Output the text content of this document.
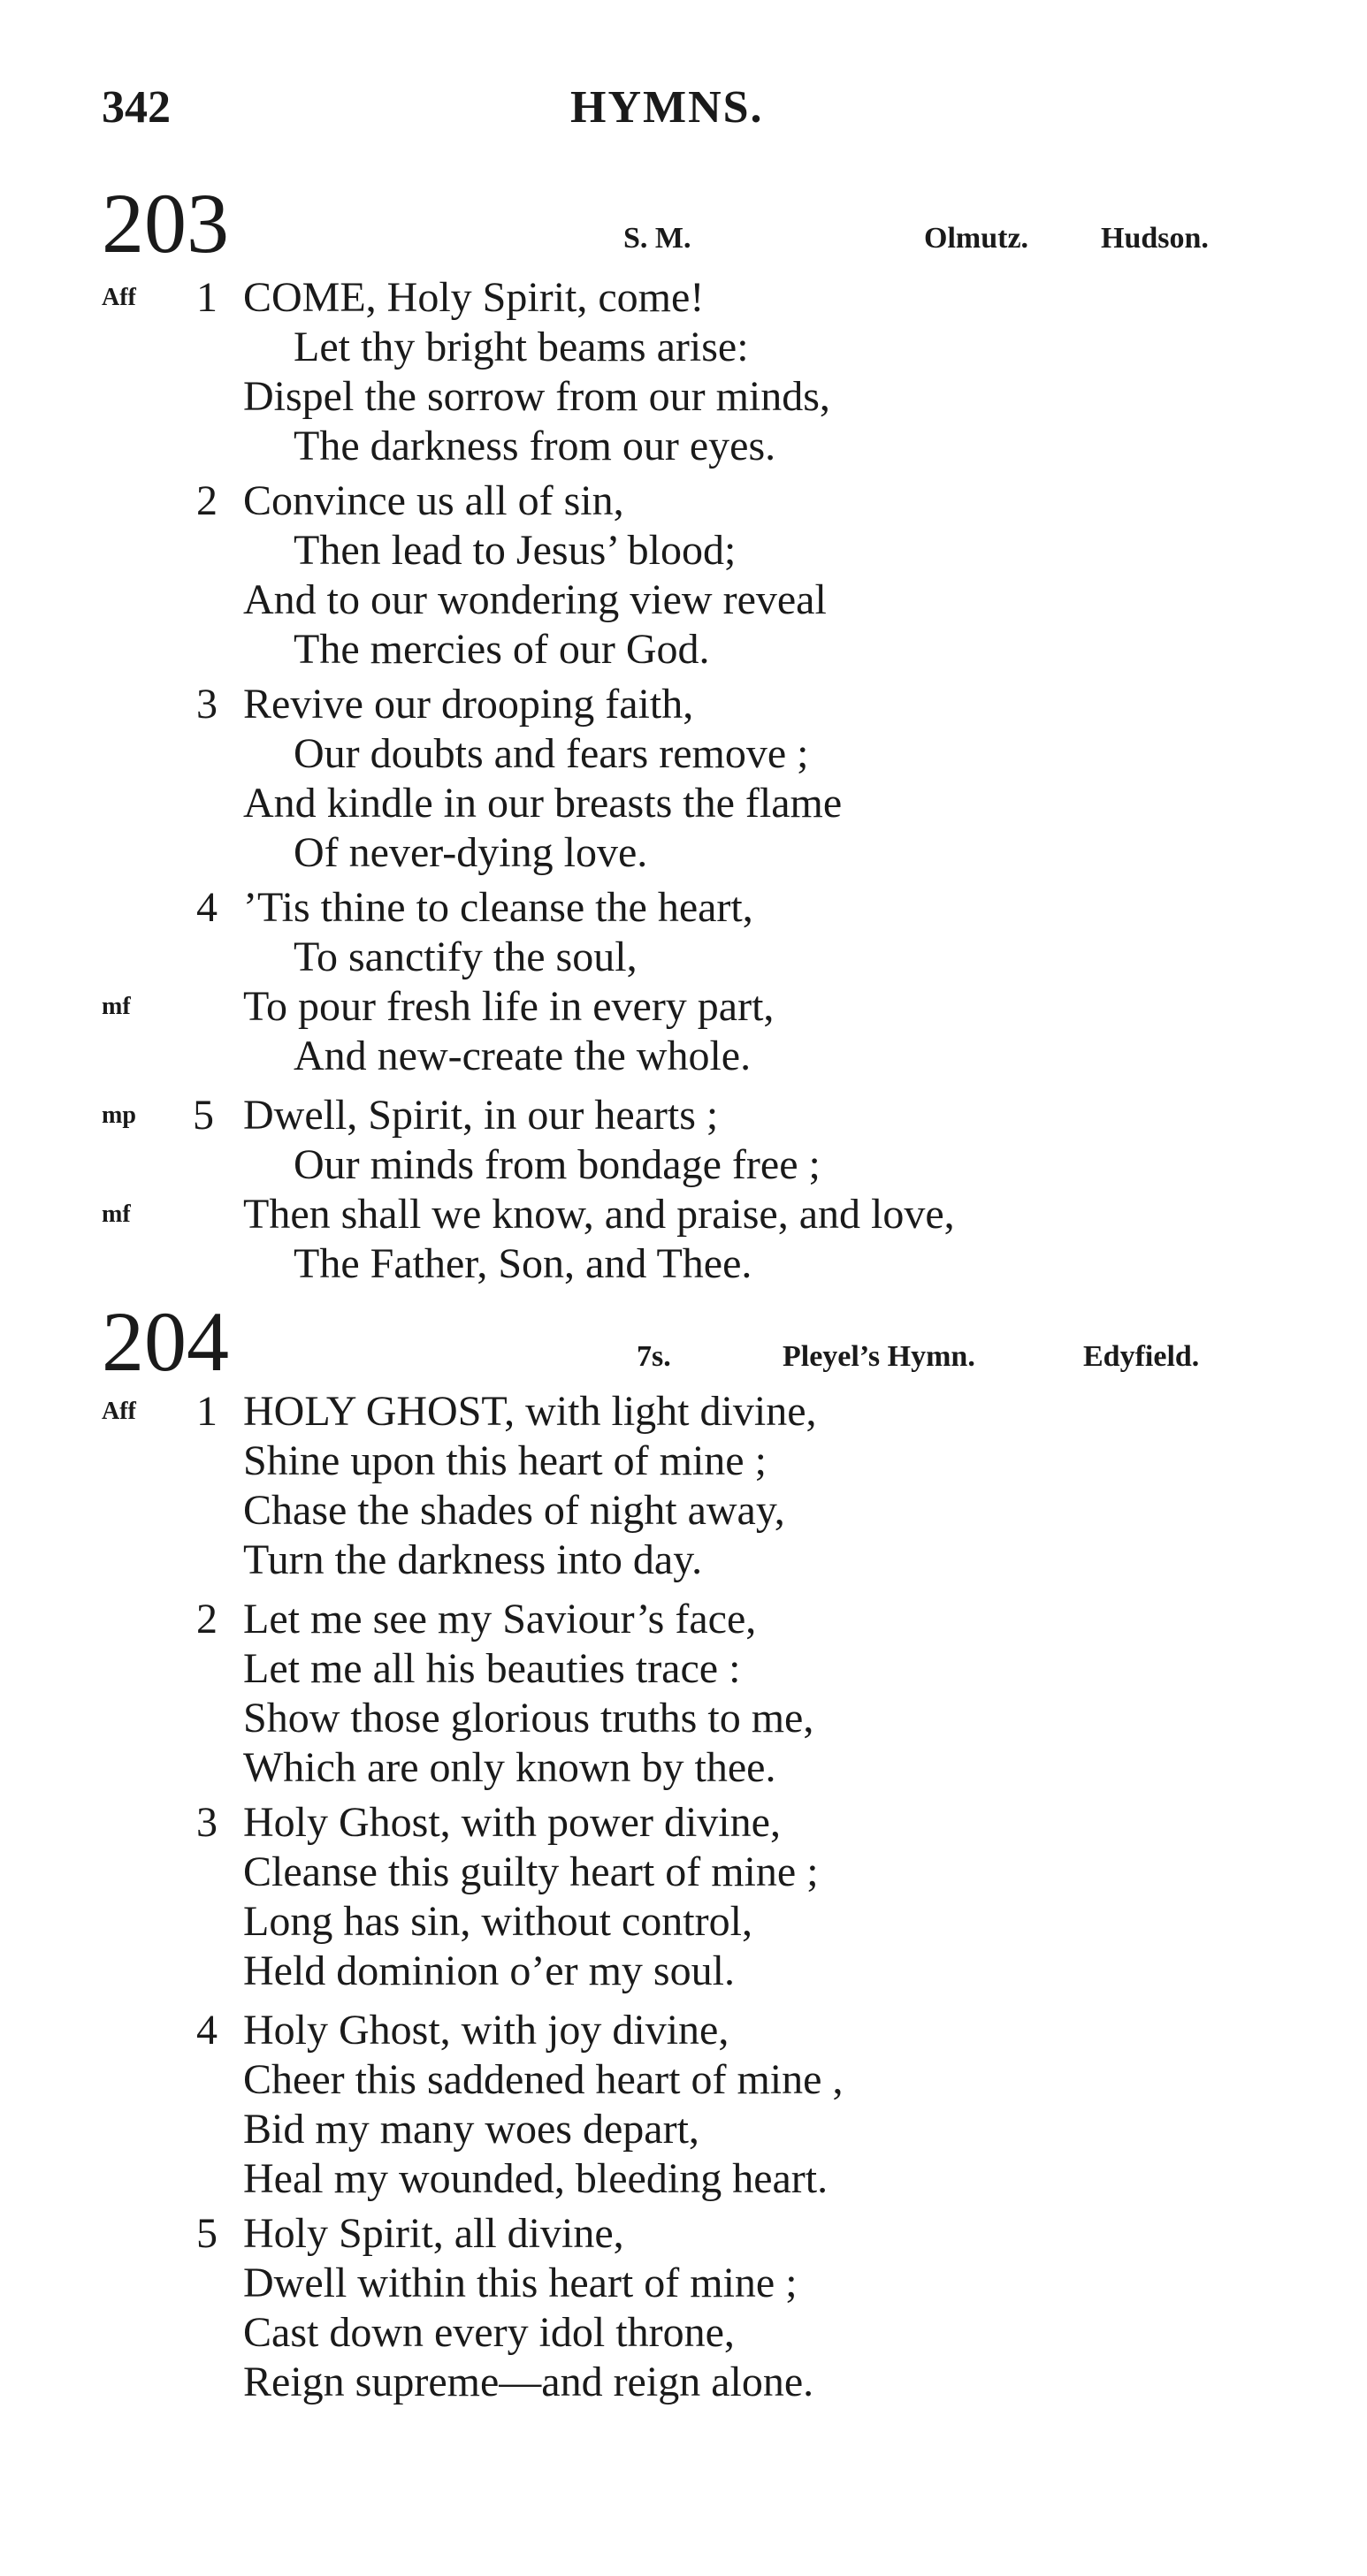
342	HYMNS.
203	S. M.	Olmutz. Hudson.
Aff 1 COME, Holy Spirit, come!
Let thy bright beams arise:
Dispel the sorrow from our minds,
The darkness from our eyes.
2 Convince us all of sin,
Then lead to Jesus’ blood;
And to our wondering view reveal
The mercies of our God.
3 Revive our drooping faith,
Our doubts and fears remove ;
And kindle in our breasts the flame
Of never-dying love.
4 ’Tis thine to cleanse the heart,
To sanctify the soul,
mf	To pour fresh life in every part,
And new-create the whole.
mp 5 Dwell, Spirit, in our hearts ;
Our minds from bondage free ;
mf	Then shall we know, and praise, and love,
The Father, Son, and Thee.
204	7s.	Pleyel’s Hymn.	Edyfield.
Aff 1 HOLY GHOST, with light divine,
Shine upon this heart of mine ;
Chase the shades of night away,
Turn the darkness into day.
2 Let me see my Saviour’s face,
Let me all his beauties trace :
Show those glorious truths to me,
Which are only known by thee.
3 Holy Ghost, with power divine,
Cleanse this guilty heart of mine ;
Long has sin, without control,
Held dominion o’er my soul.
4 Holy Ghost, with joy divine,
Cheer this saddened heart of mine ,
Bid my many woes depart,
Heal my wounded, bleeding heart.
5 Holy Spirit, all divine,
Dwell within this heart of mine ;
Cast down every idol throne,
Reign supreme—and reign alone.
